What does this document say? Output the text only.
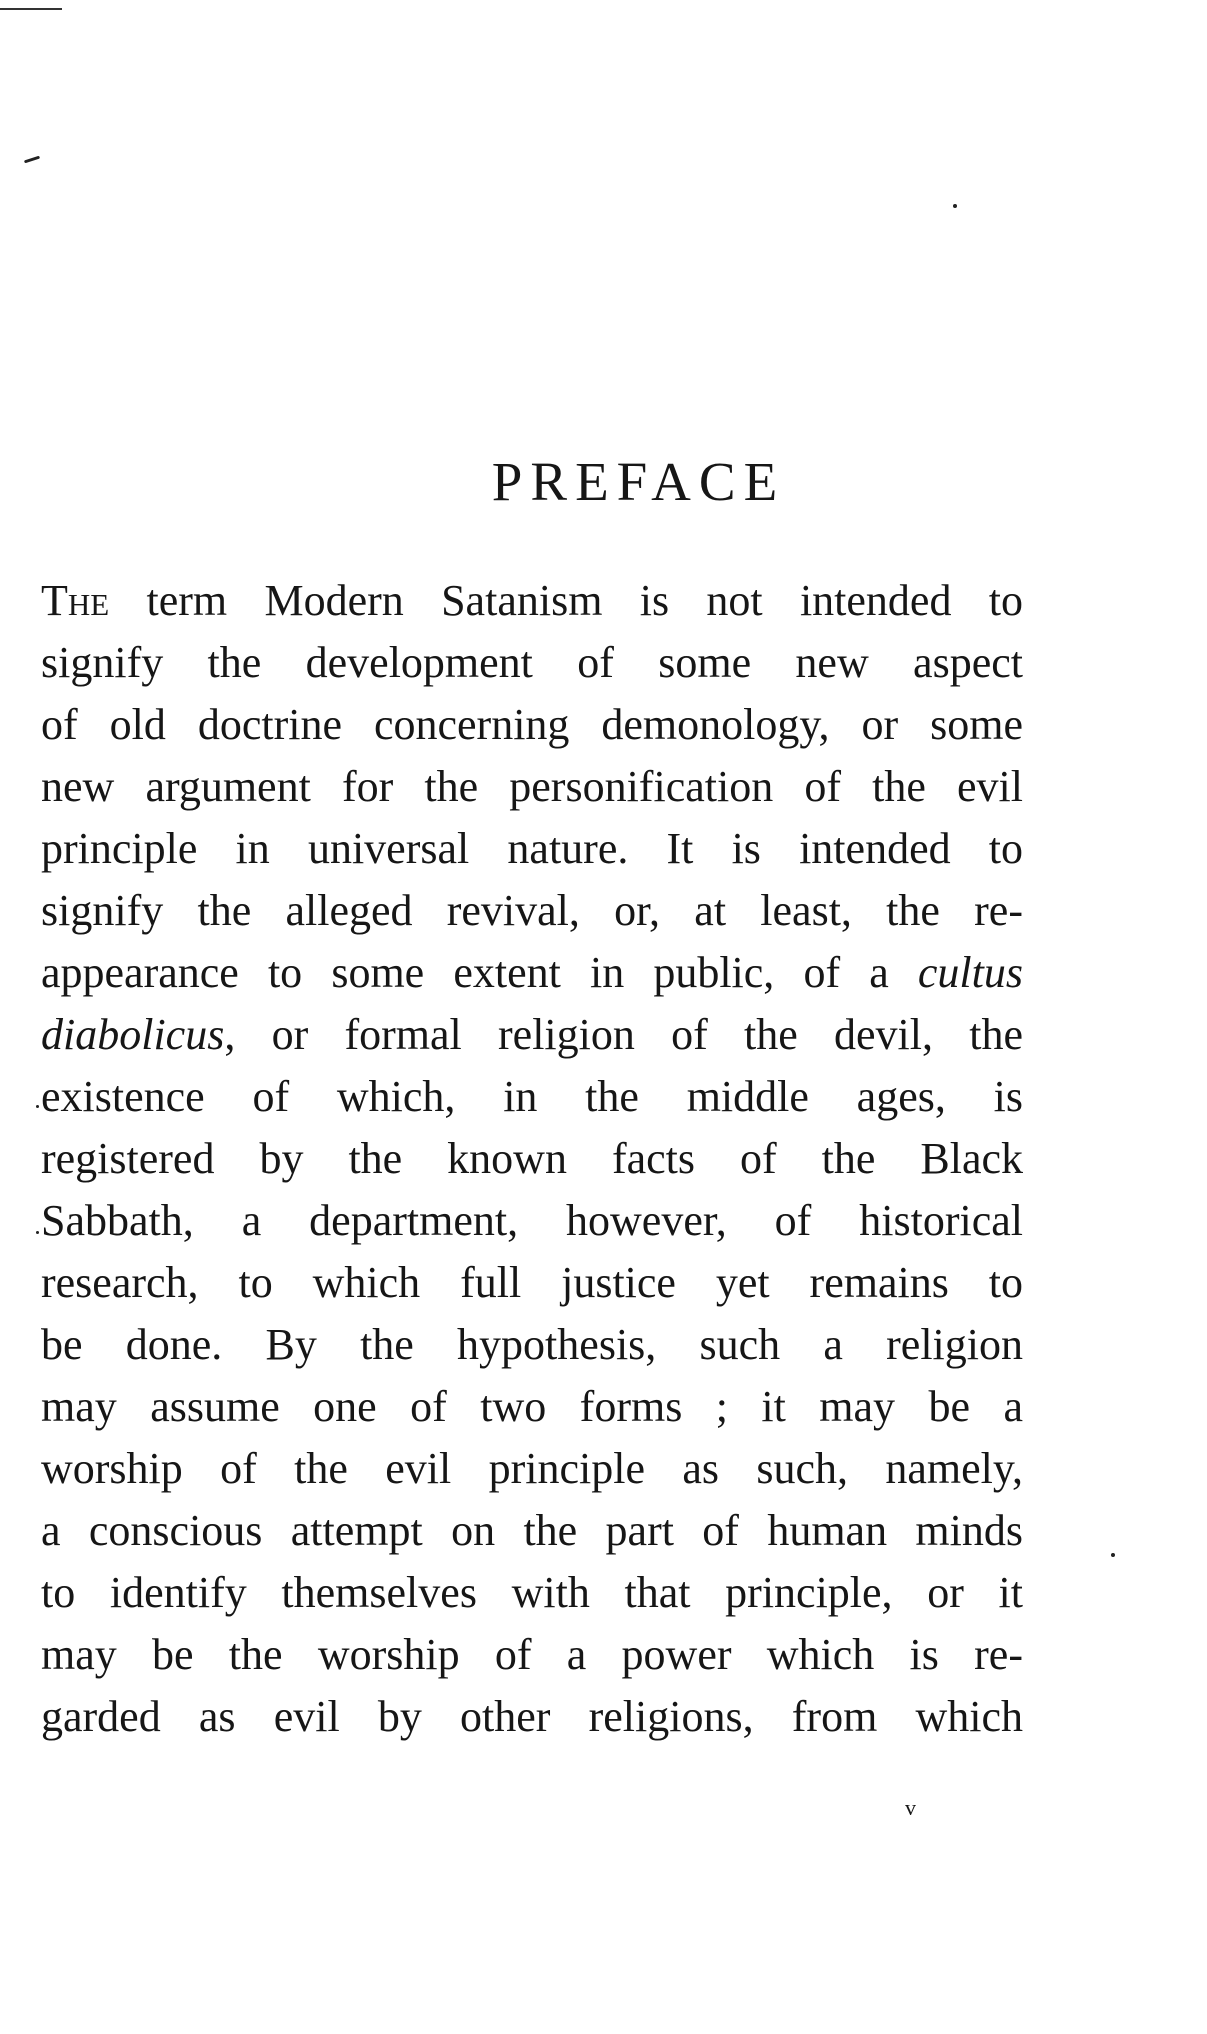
PREFACE
The term Modern Satanism is not intended to
signify the development of some new aspect
of old doctrine concerning demonology, or some
new argument for the personification of the evil
principle in universal nature. It is intended to
signify the alleged revival, or, at least, the re-
appearance to some extent in public, of a cultus
diabolicus, or formal religion of the devil, the
existence of which, in the middle ages, is
registered by the known facts of the Black
Sabbath, a department, however, of historical
research, to which full justice yet remains to
be done. By the hypothesis, such a religion
may assume one of two forms ; it may be a
worship of the evil principle as such, namely,
a conscious attempt on the part of human minds
to identify themselves with that principle, or it
may be the worship of a power which is re-
garded as evil by other religions, from which
v
